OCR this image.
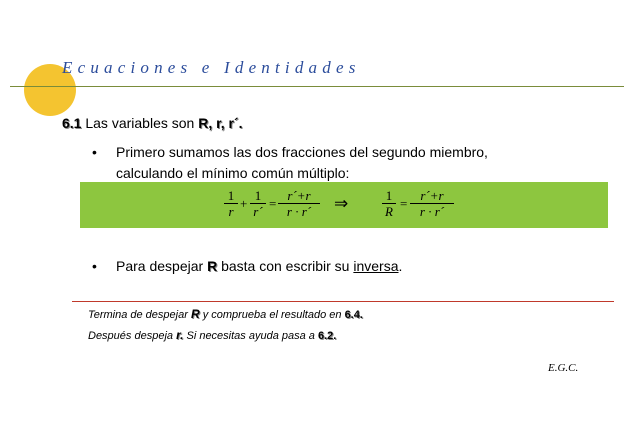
Ecuaciones e Identidades
6.1 Las variables son R, r, r´.
• Primero sumamos las dos fracciones del segundo miembro,
calculando el mínimo común múltiplo:
$\frac{1}{r} + \frac{1}{r´} = \frac{r´+r}{r \cdot r´}$ ⇒	$\frac{1}{R} = \frac{r´+r}{r \cdot r´}$
• Para despejar R basta con escribir su inversa.
Termina de despejar R y comprueba el resultado en 6.4.
Después despeja r. Si necesitas ayuda pasa a 6.2.
E.G.C.
